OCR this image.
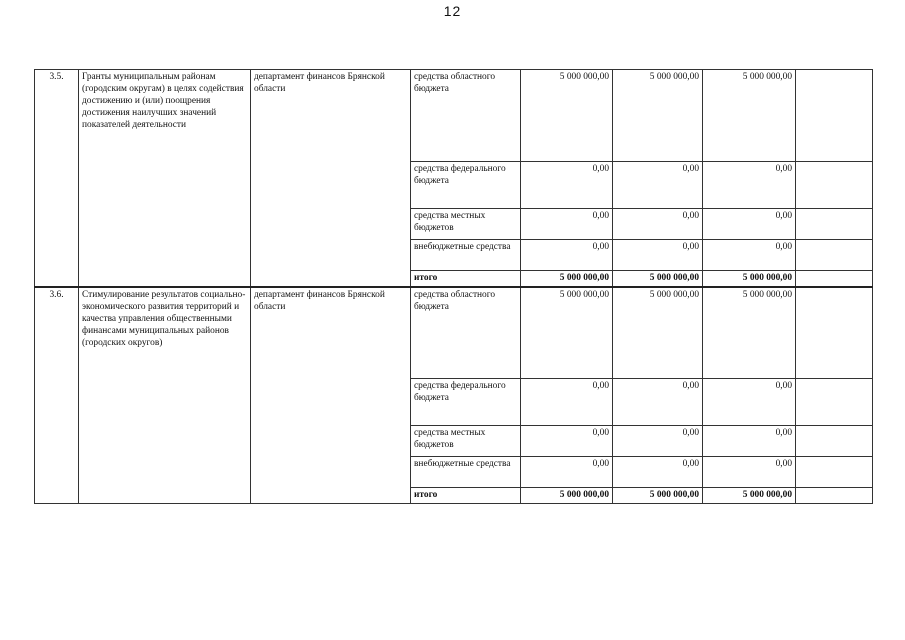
12
3.5.	Гранты муниципальным районам (городским округам) в целях содействия достижению и (или) поощрения достижения наилучших значений показателей деятельности	департамент финансов Брянской области	средства областного бюджета	5 000 000,00	5 000 000,00	5 000 000,00	
			средства федерального бюджета	0,00	0,00	0,00	
			средства местных бюджетов	0,00	0,00	0,00	
			внебюджетные средства	0,00	0,00	0,00	
			итого	5 000 000,00	5 000 000,00	5 000 000,00	
3.6.	Стимулирование результатов социально-экономического развития территорий и качества управления общественными финансами муниципальных районов (городских округов)	департамент финансов Брянской области	средства областного бюджета	5 000 000,00	5 000 000,00	5 000 000,00	
			средства федерального бюджета	0,00	0,00	0,00	
			средства местных бюджетов	0,00	0,00	0,00	
			внебюджетные средства	0,00	0,00	0,00	
			итого	5 000 000,00	5 000 000,00	5 000 000,00	
